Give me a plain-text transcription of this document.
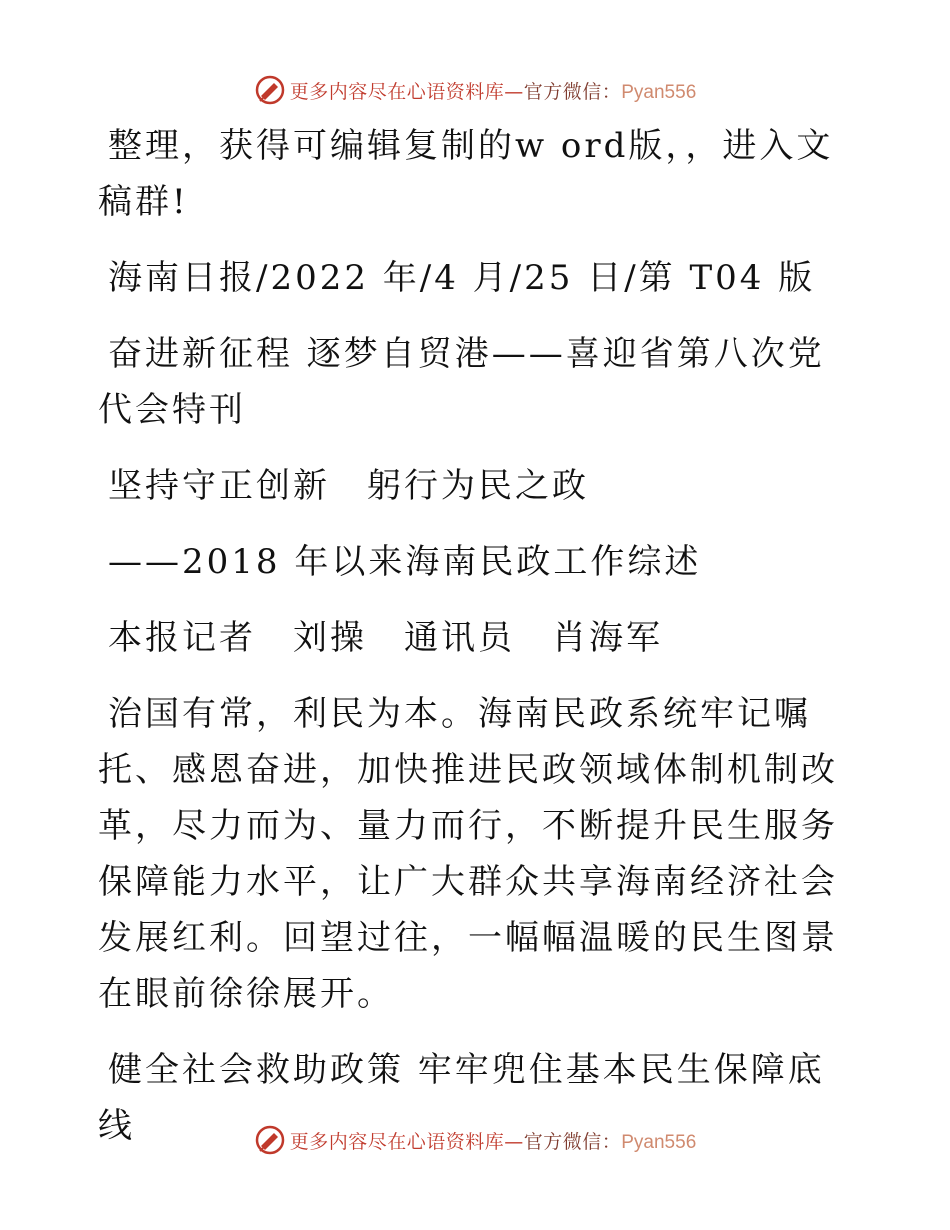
更多内容尽在心语资料库—官方微信：Pyan556

整理，获得可编辑复制的w ord版，，进入文稿群!

海南日报/2022 年/4 月/25 日/第 T04 版

奋进新征程 逐梦自贸港——喜迎省第八次党代会特刊

坚持守正创新　躬行为民之政

——2018 年以来海南民政工作综述

本报记者　刘操　通讯员　肖海军

治国有常，利民为本。海南民政系统牢记嘱托、感恩奋进，加快推进民政领域体制机制改革，尽力而为、量力而行，不断提升民生服务保障能力水平，让广大群众共享海南经济社会发展红利。回望过往，一幅幅温暖的民生图景在眼前徐徐展开。

健全社会救助政策 牢牢兜住基本民生保障底线	更多内容尽在心语资料库—官方微信：Pyan556
